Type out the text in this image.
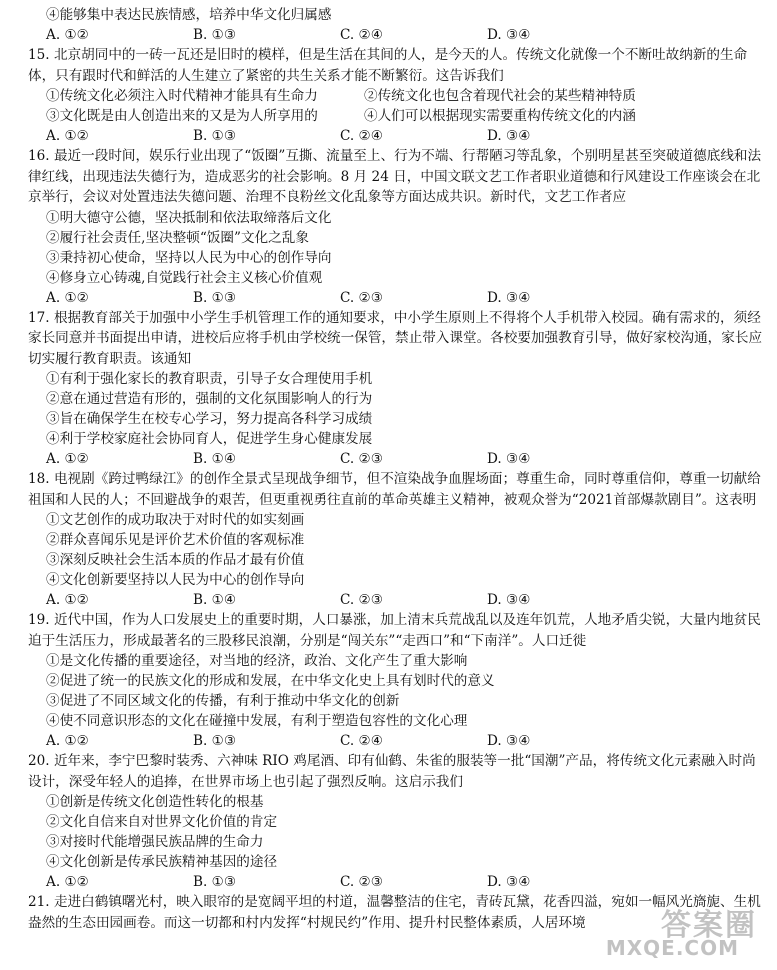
④能够集中表达民族情感，培养中华文化归属感
A. ①②	B. ①③	C. ②④	D. ③④

15. 北京胡同中的一砖一瓦还是旧时的模样，但是生活在其间的人，是今天的人。传统文化就像一个不断吐故纳新的生命体，只有跟时代和鲜活的人生建立了紧密的共生关系才能不断繁衍。这告诉我们

①传统文化必须注入时代精神才能具有生命力	②传统文化也包含着现代社会的某些精神特质
③文化既是由人创造出来的又是为人所享用的	④人们可以根据现实需要重构传统文化的内涵
A. ①②	B. ①③	C. ②④	D. ③④

16. 最近一段时间，娱乐行业出现了“饭圈”互撕、流量至上、行为不端、行帮陋习等乱象，个别明星甚至突破道德底线和法律红线，出现违法失德行为，造成恶劣的社会影响。8 月 24 日，中国文联文艺工作者职业道德和行风建设工作座谈会在北京举行，会议对处置违法失德问题、治理不良粉丝文化乱象等方面达成共识。新时代，文艺工作者应

①明大德守公德，坚决抵制和依法取缔落后文化
②履行社会责任,坚决整顿“饭圈”文化之乱象
③秉持初心使命，坚持以人民为中心的创作导向
④修身立心铸魂,自觉践行社会主义核心价值观
A. ①②	B. ①③	C. ②③	D. ③④

17. 根据教育部关于加强中小学生手机管理工作的通知要求，中小学生原则上不得将个人手机带入校园。确有需求的，须经家长同意并书面提出申请，进校后应将手机由学校统一保管，禁止带入课堂。各校要加强教育引导，做好家校沟通，家长应切实履行教育职责。该通知

①有利于强化家长的教育职责，引导子女合理使用手机
②意在通过营造有形的，强制的文化氛围影响人的行为
③旨在确保学生在校专心学习，努力提高各科学习成绩
④利于学校家庭社会协同育人，促进学生身心健康发展
A. ①②	B. ①④	C. ②③	D. ③④

18. 电视剧《跨过鸭绿江》的创作全景式呈现战争细节，但不渲染战争血腥场面；尊重生命，同时尊重信仰，尊重一切献给祖国和人民的人；不回避战争的艰苦，但更重视勇往直前的革命英雄主义精神，被观众誉为“2021首部爆款剧目”。这表明

①文艺创作的成功取决于对时代的如实刻画
②群众喜闻乐见是评价艺术价值的客观标准
③深刻反映社会生活本质的作品才最有价值
④文化创新要坚持以人民为中心的创作导向
A. ①②	B. ①④	C. ②③	D. ③④

19. 近代中国，作为人口发展史上的重要时期，人口暴涨，加上清末兵荒战乱以及连年饥荒，人地矛盾尖锐，大量内地贫民迫于生活压力，形成最著名的三股移民浪潮，分别是“闯关东”“走西口”和“下南洋”。人口迁徙

①是文化传播的重要途径，对当地的经济，政治、文化产生了重大影响
②促进了统一的民族文化的形成和发展，在中华文化史上具有划时代的意义
③促进了不同区域文化的传播，有利于推动中华文化的创新
④使不同意识形态的文化在碰撞中发展，有利于塑造包容性的文化心理
A. ①②	B. ①③	C. ②④	D. ③④

20. 近年来，李宁巴黎时装秀、六神味 RIO 鸡尾酒、印有仙鹤、朱雀的服装等一批“国潮”产品，将传统文化元素融入时尚设计，深受年轻人的追捧，在世界市场上也引起了强烈反响。这启示我们

①创新是传统文化创造性转化的根基
②文化自信来自对世界文化价值的肯定
③对接时代能增强民族品牌的生命力
④文化创新是传承民族精神基因的途径
A. ①②	B. ①③	C. ②③	D. ③④

21. 走进白鹤镇曙光村，映入眼帘的是宽阔平坦的村道，温馨整洁的住宅，青砖瓦黛，花香四溢，宛如一幅风光旖旎、生机盎然的生态田园画卷。而这一切都和村内发挥“村规民约”作用、提升村民整体素质，人居环境	答案圈
MXQE.COM
